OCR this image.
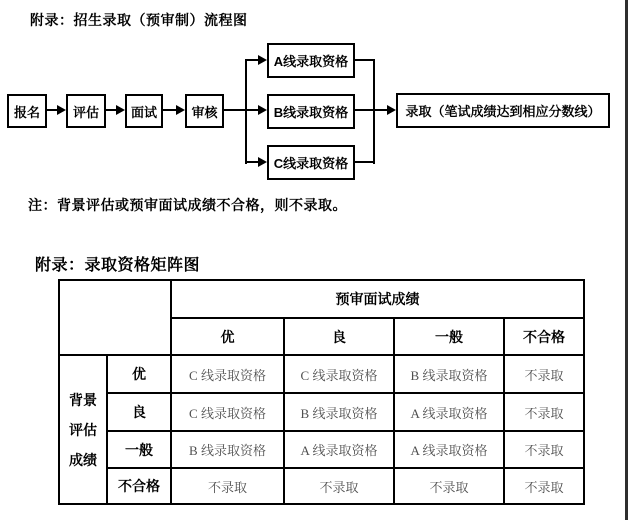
附录：招生录取（预审制）流程图
报名	评估	面试	审核
A线录取资格
B线录取资格
C线录取资格
录取（笔试成绩达到相应分数线）
注：背景评估或预审面试成绩不合格，则不录取。
附录：录取资格矩阵图
		预审面试成绩			
		优	良	一般	不合格

背景
评估
成绩	优	C 线录取资格	C 线录取资格	B 线录取资格	不录取
	良	C 线录取资格	B 线录取资格	A 线录取资格	不录取
	一般	B 线录取资格	A 线录取资格	A 线录取资格	不录取
	不合格	不录取	不录取	不录取	不录取
